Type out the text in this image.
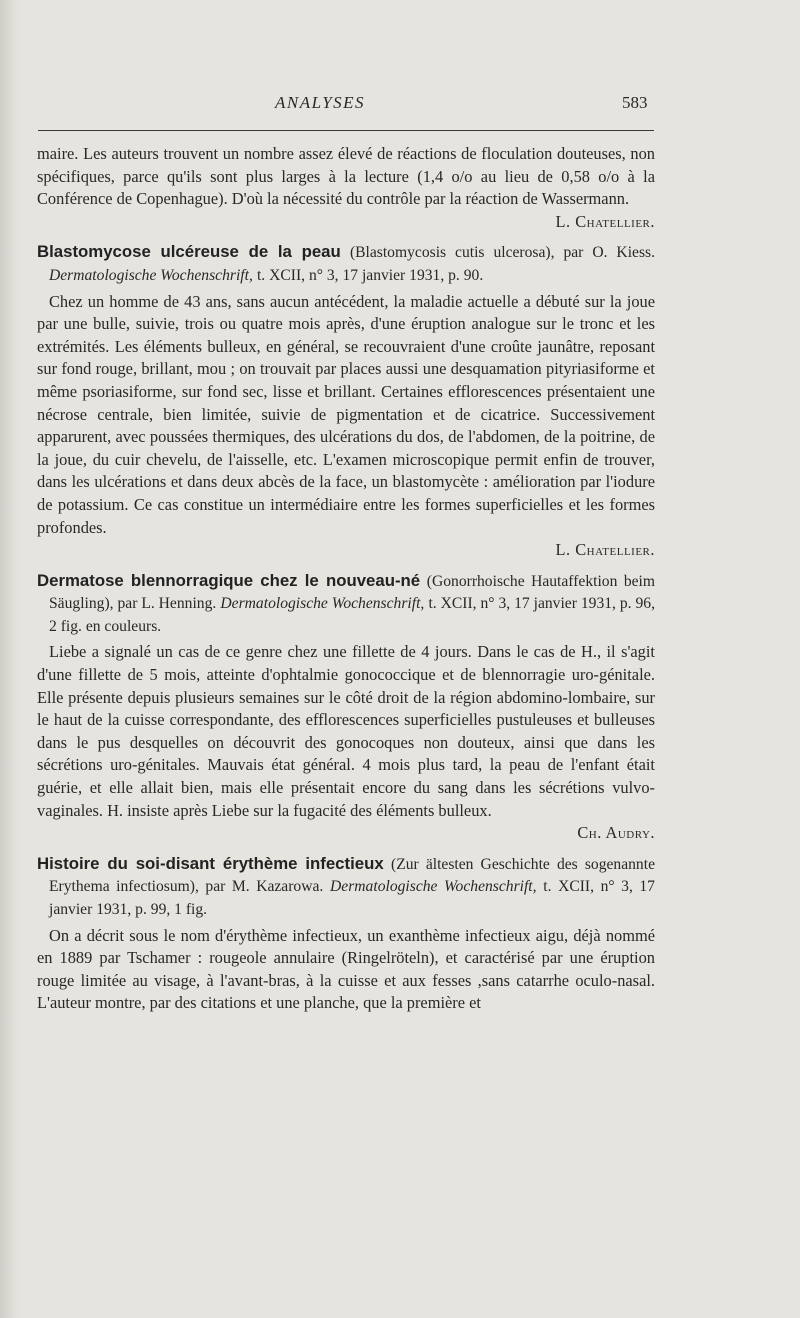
ANALYSES	583

maire. Les auteurs trouvent un nombre assez élevé de réactions de floculation douteuses, non spécifiques, parce qu'ils sont plus larges à la lecture (1,4 o/o au lieu de 0,58 o/o à la Conférence de Copenhague). D'où la nécessité du contrôle par la réaction de Wassermann.

L. Chatellier.

Blastomycose ulcéreuse de la peau (Blastomycosis cutis ulcerosa), par O. Kiess. Dermatologische Wochenschrift, t. XCII, n° 3, 17 janvier 1931, p. 90.

Chez un homme de 43 ans, sans aucun antécédent, la maladie actuelle a débuté sur la joue par une bulle, suivie, trois ou quatre mois après, d'une éruption analogue sur le tronc et les extrémités. Les éléments bulleux, en général, se recouvraient d'une croûte jaunâtre, reposant sur fond rouge, brillant, mou ; on trouvait par places aussi une desquamation pityriasiforme et même psoriasiforme, sur fond sec, lisse et brillant. Certaines efflorescences présentaient une nécrose centrale, bien limitée, suivie de pigmentation et de cicatrice. Successivement apparurent, avec poussées thermiques, des ulcérations du dos, de l'abdomen, de la poitrine, de la joue, du cuir chevelu, de l'aisselle, etc. L'examen microscopique permit enfin de trouver, dans les ulcérations et dans deux abcès de la face, un blastomycète : amélioration par l'iodure de potassium. Ce cas constitue un intermédiaire entre les formes superficielles et les formes profondes.

L. Chatellier.

Dermatose blennorragique chez le nouveau-né (Gonorrhoische Hautaffektion beim Säugling), par L. Henning. Dermatologische Wochenschrift, t. XCII, n° 3, 17 janvier 1931, p. 96, 2 fig. en couleurs.

Liebe a signalé un cas de ce genre chez une fillette de 4 jours. Dans le cas de H., il s'agit d'une fillette de 5 mois, atteinte d'ophtalmie gonococcique et de blennorragie uro-génitale. Elle présente depuis plusieurs semaines sur le côté droit de la région abdomino-lombaire, sur le haut de la cuisse correspondante, des efflorescences superficielles pustuleuses et bulleuses dans le pus desquelles on découvrit des gonocoques non douteux, ainsi que dans les sécrétions uro-génitales. Mauvais état général. 4 mois plus tard, la peau de l'enfant était guérie, et elle allait bien, mais elle présentait encore du sang dans les sécrétions vulvo-vaginales. H. insiste après Liebe sur la fugacité des éléments bulleux.

Ch. Audry.

Histoire du soi-disant érythème infectieux (Zur ältesten Geschichte des sogenannte Erythema infectiosum), par M. Kazarowa. Dermatologische Wochenschrift, t. XCII, n° 3, 17 janvier 1931, p. 99, 1 fig.

On a décrit sous le nom d'érythème infectieux, un exanthème infectieux aigu, déjà nommé en 1889 par Tschamer : rougeole annulaire (Ringelröteln), et caractérisé par une éruption rouge limitée au visage, à l'avant-bras, à la cuisse et aux fesses ,sans catarrhe oculo-nasal. L'auteur montre, par des citations et une planche, que la première et
